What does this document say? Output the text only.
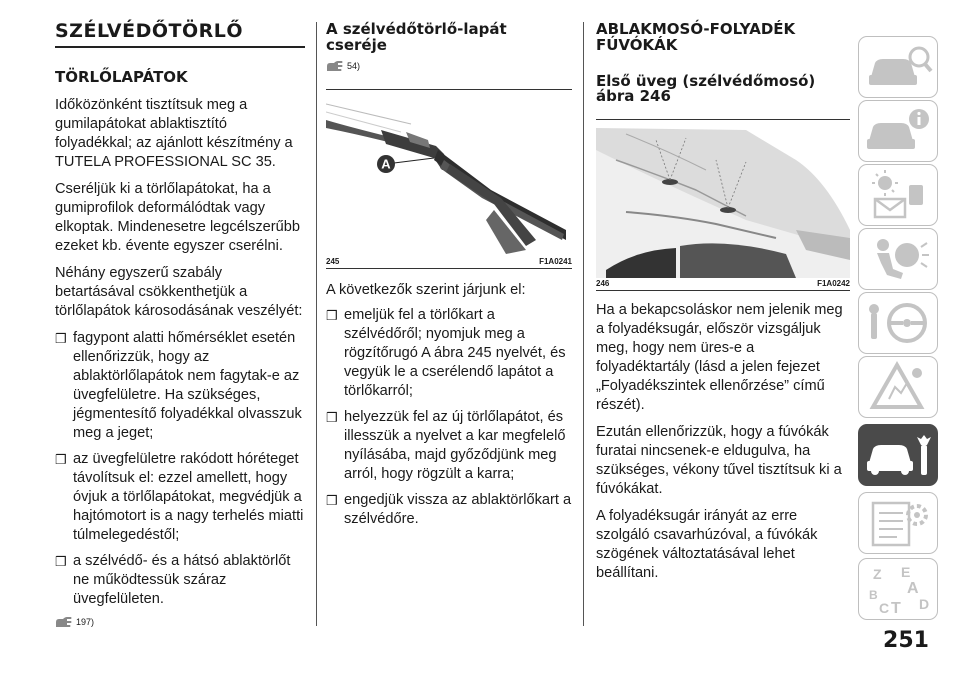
SZÉLVÉDŐTÖRLŐ
TÖRLŐLAPÁTOK

Időközönként tisztítsuk meg a gumilapátokat ablaktisztító folyadékkal; az ajánlott készítmény a TUTELA PROFESSIONAL SC 35.

Cseréljük ki a törlőlapátokat, ha a gumiprofilok deformálódtak vagy elkoptak. Mindenesetre legcélszerűbb ezeket kb. évente egyszer cserélni.

Néhány egyszerű szabály betartásával csökkenthetjük a törlőlapátok károsodásának veszélyét:

❒ fagypont alatti hőmérséklet esetén ellenőrizzük, hogy az ablaktörlőlapátok nem fagytak-e az üvegfelületre. Ha szükséges, jégmentesítő folyadékkal olvasszuk meg a jeget;
❒ az üvegfelületre rakódott hóréteget távolítsuk el: ezzel amellett, hogy óvjuk a törlőlapátokat, megvédjük a hajtómotort is a nagy terhelés miatti túlmelegedéstől;
❒ a szélvédő- és a hátsó ablaktörlőt ne működtessük száraz üvegfelületen.
197)
A szélvédőtörlő-lapát cseréje
54)
A
245	F1A0241

A következők szerint járjunk el:

❒ emeljük fel a törlőkart a szélvédőről; nyomjuk meg a rögzítőrugó A ábra 245 nyelvét, és vegyük le a cserélendő lapátot a törlőkarról;
❒ helyezzük fel az új törlőlapátot, és illesszük a nyelvet a kar megfelelő nyílásába, majd győződjünk meg arról, hogy rögzült a karra;
❒ engedjük vissza az ablaktörlőkart a szélvédőre.
ABLAKMOSÓ-FOLYADÉK FÚVÓKÁK
Első üveg (szélvédőmosó) ábra 246
246	F1A0242

Ha a bekapcsoláskor nem jelenik meg a folyadéksugár, először vizsgáljuk meg, hogy nem üres-e a folyadéktartály (lásd a jelen fejezet „Folyadékszintek ellenőrzése” című részét).

Ezután ellenőrizzük, hogy a fúvókák furatai nincsenek-e eldugulva, ha szükséges, vékony tűvel tisztítsuk ki a fúvókákat.

A folyadéksugár irányát az erre szolgáló csavarhúzóval, a fúvókák szögének változtatásával lehet beállítani.	Z E
A
B
C T D
251
